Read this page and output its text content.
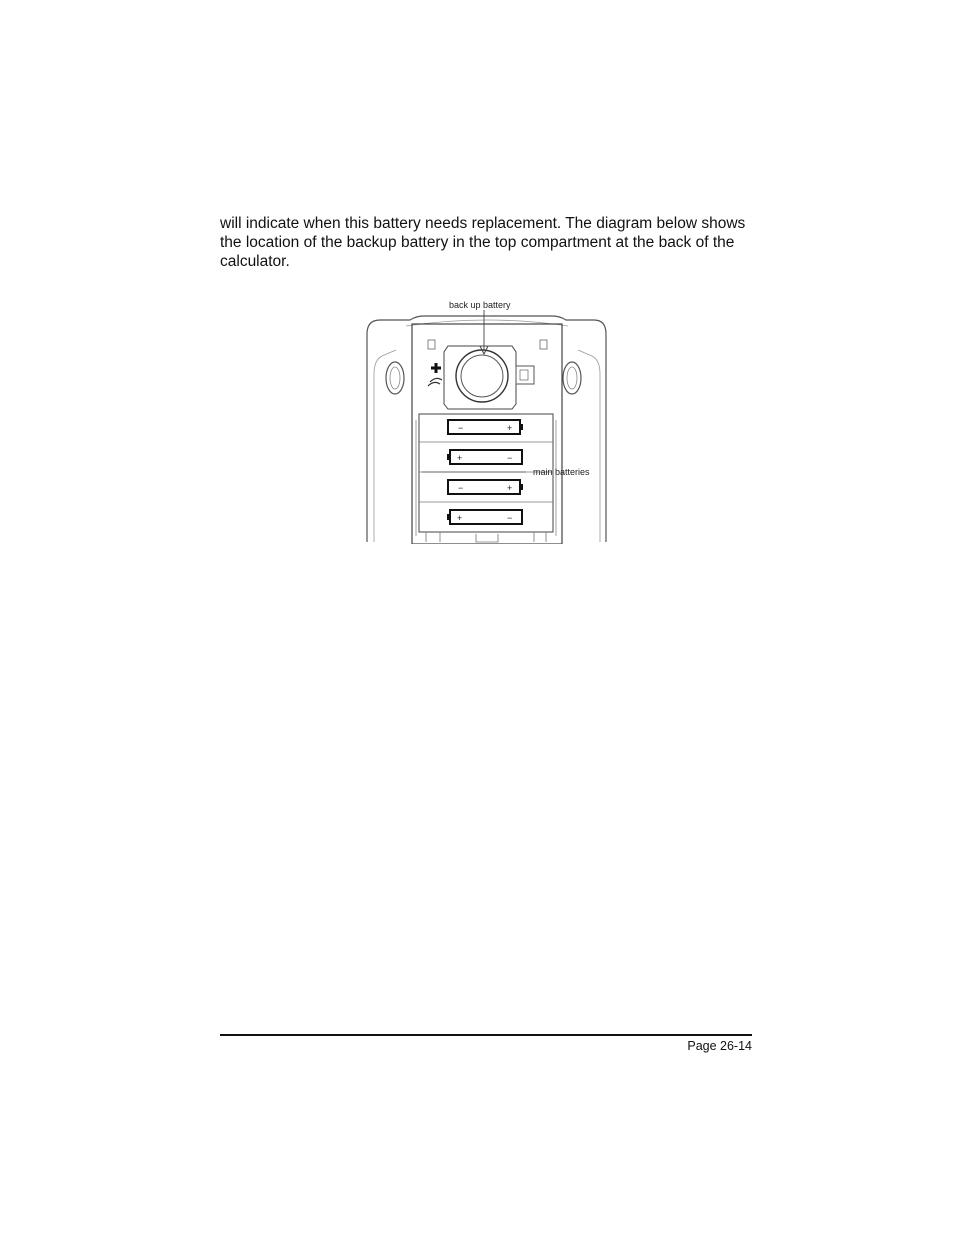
will indicate when this battery needs replacement. The diagram below shows
the location of the backup battery in the top compartment at the back of the
calculator.

−	+
+	−
−	+
+	−
back up battery
main batteries
Page 26-14
